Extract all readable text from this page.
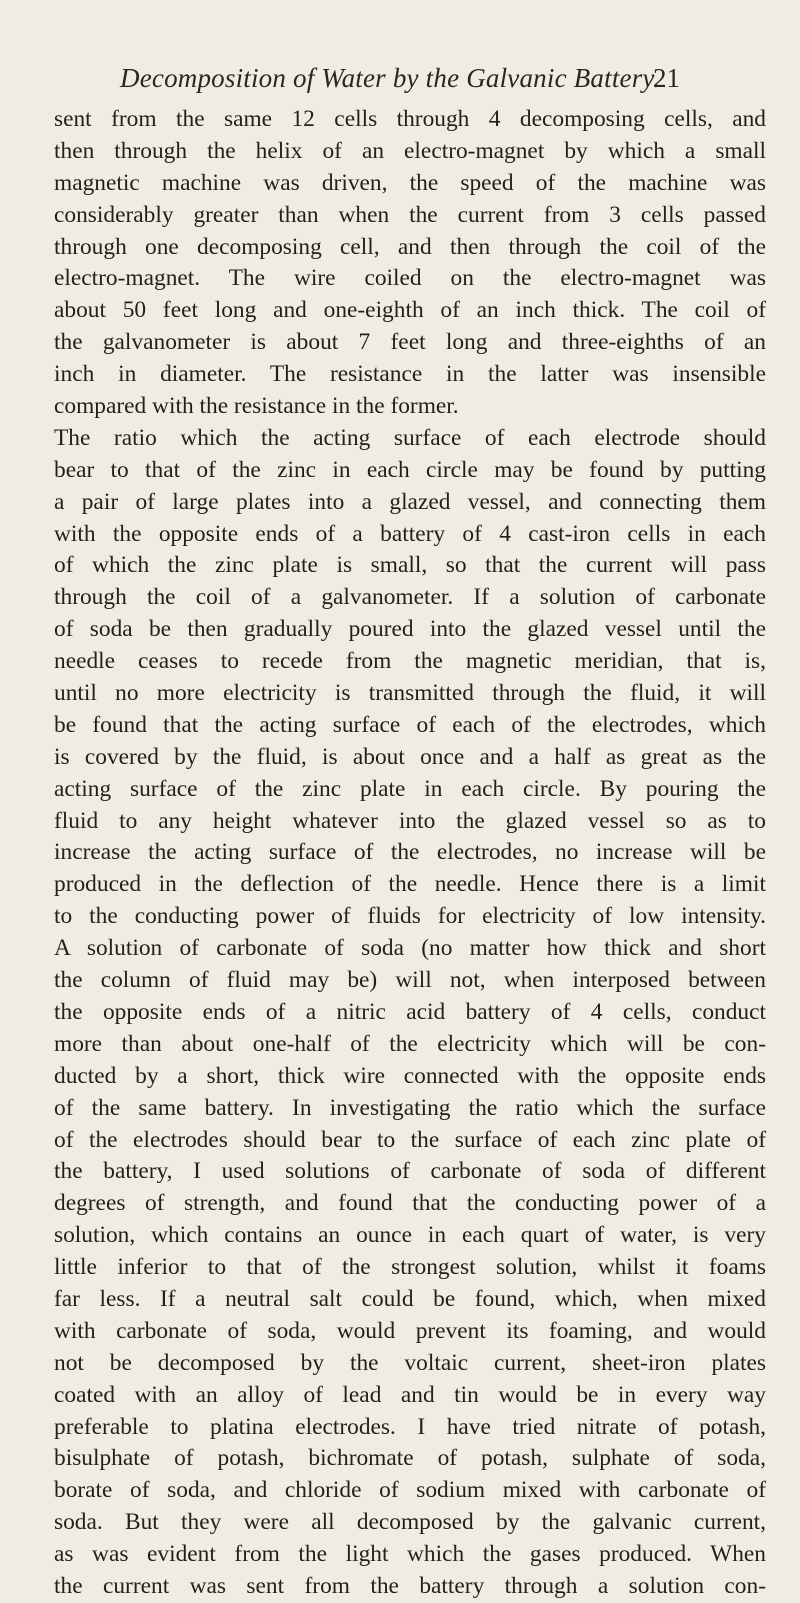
Decomposition of Water by the Galvanic Battery.
21
sent from the same 12 cells through 4 decomposing cells, and
then through the helix of an electro-magnet by which a small
magnetic machine was driven, the speed of the machine was
considerably greater than when the current from 3 cells passed
through one decomposing cell, and then through the coil of the
electro-magnet. The wire coiled on the electro-magnet was
about 50 feet long and one-eighth of an inch thick. The coil of
the galvanometer is about 7 feet long and three-eighths of an
inch in diameter. The resistance in the latter was insensible
compared with the resistance in the former.
The ratio which the acting surface of each electrode should
bear to that of the zinc in each circle may be found by putting
a pair of large plates into a glazed vessel, and connecting them
with the opposite ends of a battery of 4 cast-iron cells in each
of which the zinc plate is small, so that the current will pass
through the coil of a galvanometer. If a solution of carbonate
of soda be then gradually poured into the glazed vessel until the
needle ceases to recede from the magnetic meridian, that is,
until no more electricity is transmitted through the fluid, it will
be found that the acting surface of each of the electrodes, which
is covered by the fluid, is about once and a half as great as the
acting surface of the zinc plate in each circle. By pouring the
fluid to any height whatever into the glazed vessel so as to
increase the acting surface of the electrodes, no increase will be
produced in the deflection of the needle. Hence there is a limit
to the conducting power of fluids for electricity of low intensity.
A solution of carbonate of soda (no matter how thick and short
the column of fluid may be) will not, when interposed between
the opposite ends of a nitric acid battery of 4 cells, conduct
more than about one-half of the electricity which will be con-
ducted by a short, thick wire connected with the opposite ends
of the same battery. In investigating the ratio which the surface
of the electrodes should bear to the surface of each zinc plate of
the battery, I used solutions of carbonate of soda of different
degrees of strength, and found that the conducting power of a
solution, which contains an ounce in each quart of water, is very
little inferior to that of the strongest solution, whilst it foams
far less. If a neutral salt could be found, which, when mixed
with carbonate of soda, would prevent its foaming, and would
not be decomposed by the voltaic current, sheet-iron plates
coated with an alloy of lead and tin would be in every way
preferable to platina electrodes. I have tried nitrate of potash,
bisulphate of potash, bichromate of potash, sulphate of soda,
borate of soda, and chloride of sodium mixed with carbonate of
soda. But they were all decomposed by the galvanic current,
as was evident from the light which the gases produced. When
the current was sent from the battery through a solution con-
